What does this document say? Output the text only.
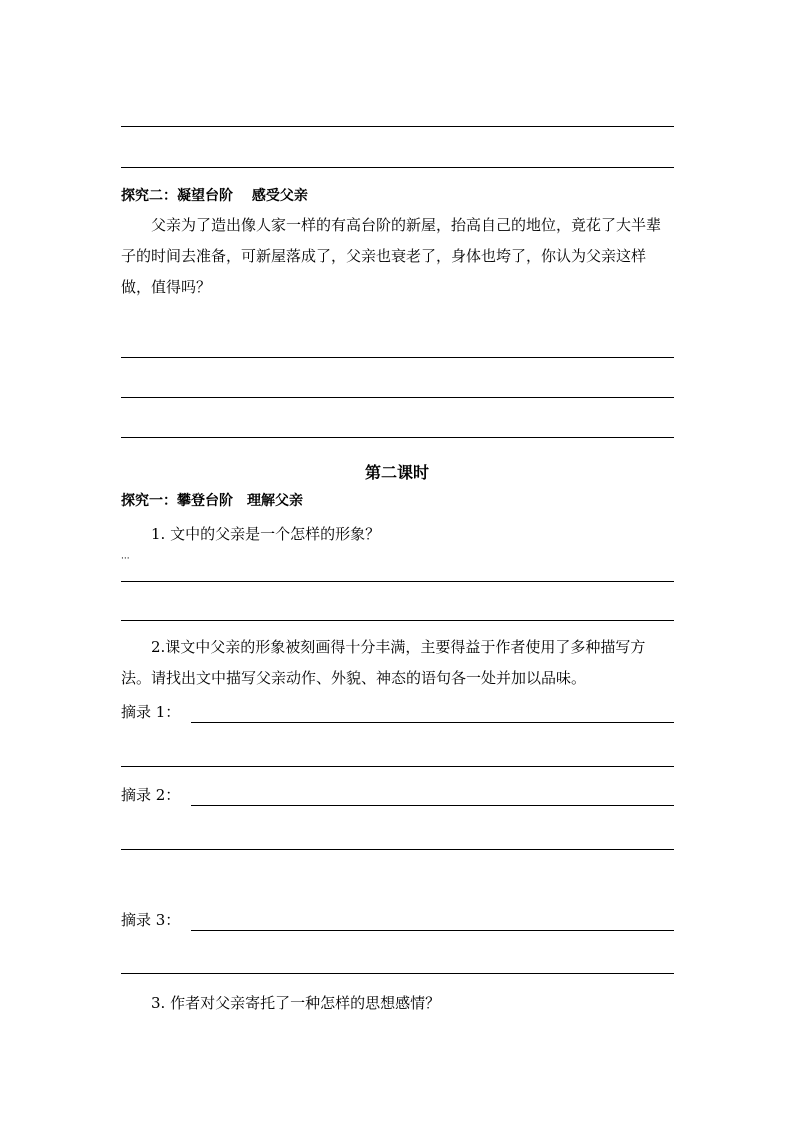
探究二：凝望台阶　 感受父亲
父亲为了造出像人家一样的有高台阶的新屋，抬高自己的地位，竟花了大半辈子的时间去准备，可新屋落成了，父亲也衰老了，身体也垮了，你认为父亲这样做，值得吗？
第二课时
探究一：攀登台阶　理解父亲
1. 文中的父亲是一个怎样的形象？
···
2.课文中父亲的形象被刻画得十分丰满，主要得益于作者使用了多种描写方法。请找出文中描写父亲动作、外貌、神态的语句各一处并加以品味。
摘录 1：
摘录 2：
摘录 3：
3. 作者对父亲寄托了一种怎样的思想感情？
